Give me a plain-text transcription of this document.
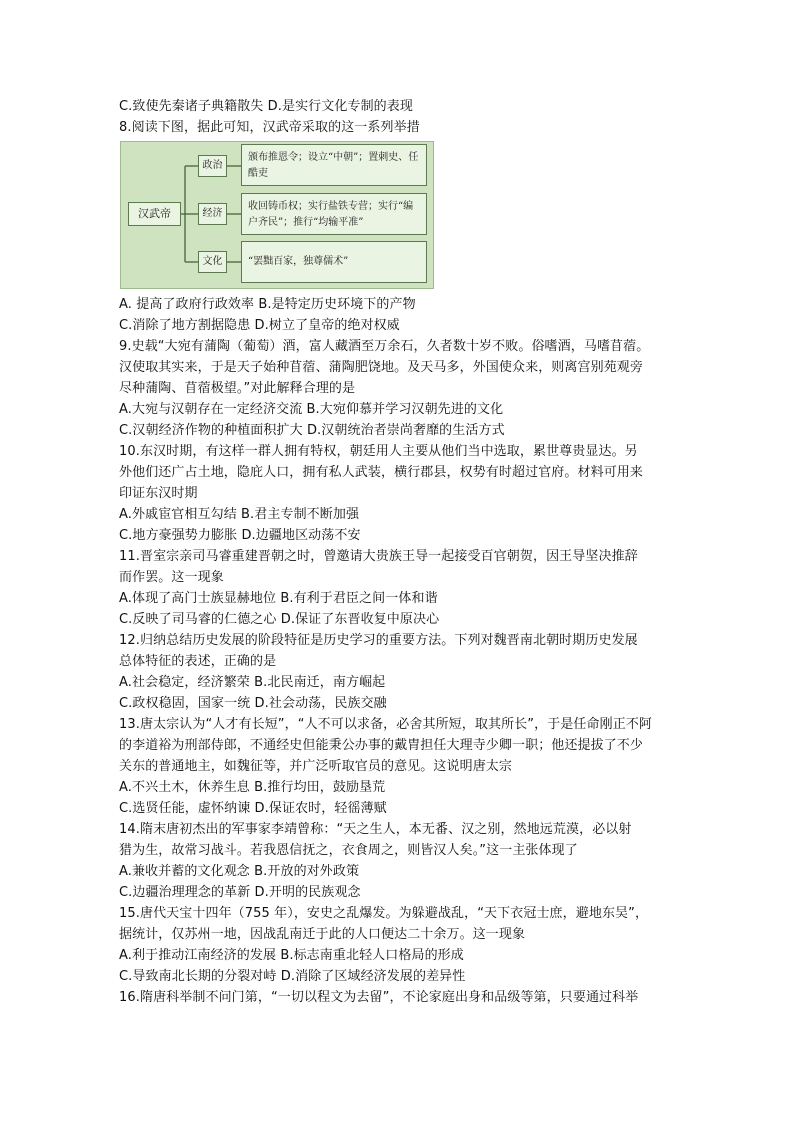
C.致使先秦诸子典籍散失 D.是实行文化专制的表现
8.阅读下图，据此可知，汉武帝采取的这一系列举措
汉武帝
政治
颁布推恩令；设立“中朝”；置刺史、任酷吏
经济
收回铸币权；实行盐铁专营；实行“编户齐民”；推行“均输平准”
文化	“罢黜百家，独尊儒术”
A. 提高了政府行政效率 B.是特定历史环境下的产物
C.消除了地方割据隐患 D.树立了皇帝的绝对权威
9.史载“大宛有蒲陶（葡萄）酒，富人藏酒至万余石，久者数十岁不败。俗嗜酒，马嗜苜蓿。
汉使取其实来，于是天子始种苜蓿、蒲陶肥饶地。及天马多，外国使众来，则离宫别苑观旁
尽种蒲陶、苜蓿极望。”对此解释合理的是
A.大宛与汉朝存在一定经济交流 B.大宛仰慕并学习汉朝先进的文化
C.汉朝经济作物的种植面积扩大 D.汉朝统治者崇尚奢靡的生活方式
10.东汉时期，有这样一群人拥有特权，朝廷用人主要从他们当中选取，累世尊贵显达。另
外他们还广占土地，隐庇人口，拥有私人武装，横行郡县，权势有时超过官府。材料可用来
印证东汉时期
A.外戚宦官相互勾结 B.君主专制不断加强
C.地方豪强势力膨胀 D.边疆地区动荡不安
11.晋室宗亲司马睿重建晋朝之时，曾邀请大贵族王导一起接受百官朝贺，因王导坚决推辞
而作罢。这一现象
A.体现了高门士族显赫地位 B.有利于君臣之间一体和谐
C.反映了司马睿的仁德之心 D.保证了东晋收复中原决心
12.归纳总结历史发展的阶段特征是历史学习的重要方法。下列对魏晋南北朝时期历史发展
总体特征的表述，正确的是
A.社会稳定，经济繁荣 B.北民南迁，南方崛起
C.政权稳固，国家一统 D.社会动荡，民族交融
13.唐太宗认为“人才有长短”，“人不可以求备，必舍其所短，取其所长”，于是任命刚正不阿
的李道裕为刑部侍郎，不通经史但能秉公办事的戴胄担任大理寺少卿一职；他还提拔了不少
关东的普通地主，如魏征等，并广泛听取官员的意见。这说明唐太宗
A.不兴土木，休养生息 B.推行均田，鼓励垦荒
C.选贤任能，虚怀纳谏 D.保证农时，轻徭薄赋
14.隋末唐初杰出的军事家李靖曾称：“天之生人，本无番、汉之别，然地远荒漠，必以射
猎为生，故常习战斗。若我恩信抚之，衣食周之，则皆汉人矣。”这一主张体现了
A.兼收并蓄的文化观念 B.开放的对外政策
C.边疆治理理念的革新 D.开明的民族观念
15.唐代天宝十四年（755 年），安史之乱爆发。为躲避战乱，“天下衣冠士庶，避地东吴”，
据统计，仅苏州一地，因战乱南迁于此的人口便达二十余万。这一现象
A.利于推动江南经济的发展 B.标志南重北轻人口格局的形成
C.导致南北长期的分裂对峙 D.消除了区域经济发展的差异性
16.隋唐科举制不问门第，“一切以程文为去留”，不论家庭出身和品级等第，只要通过科举
